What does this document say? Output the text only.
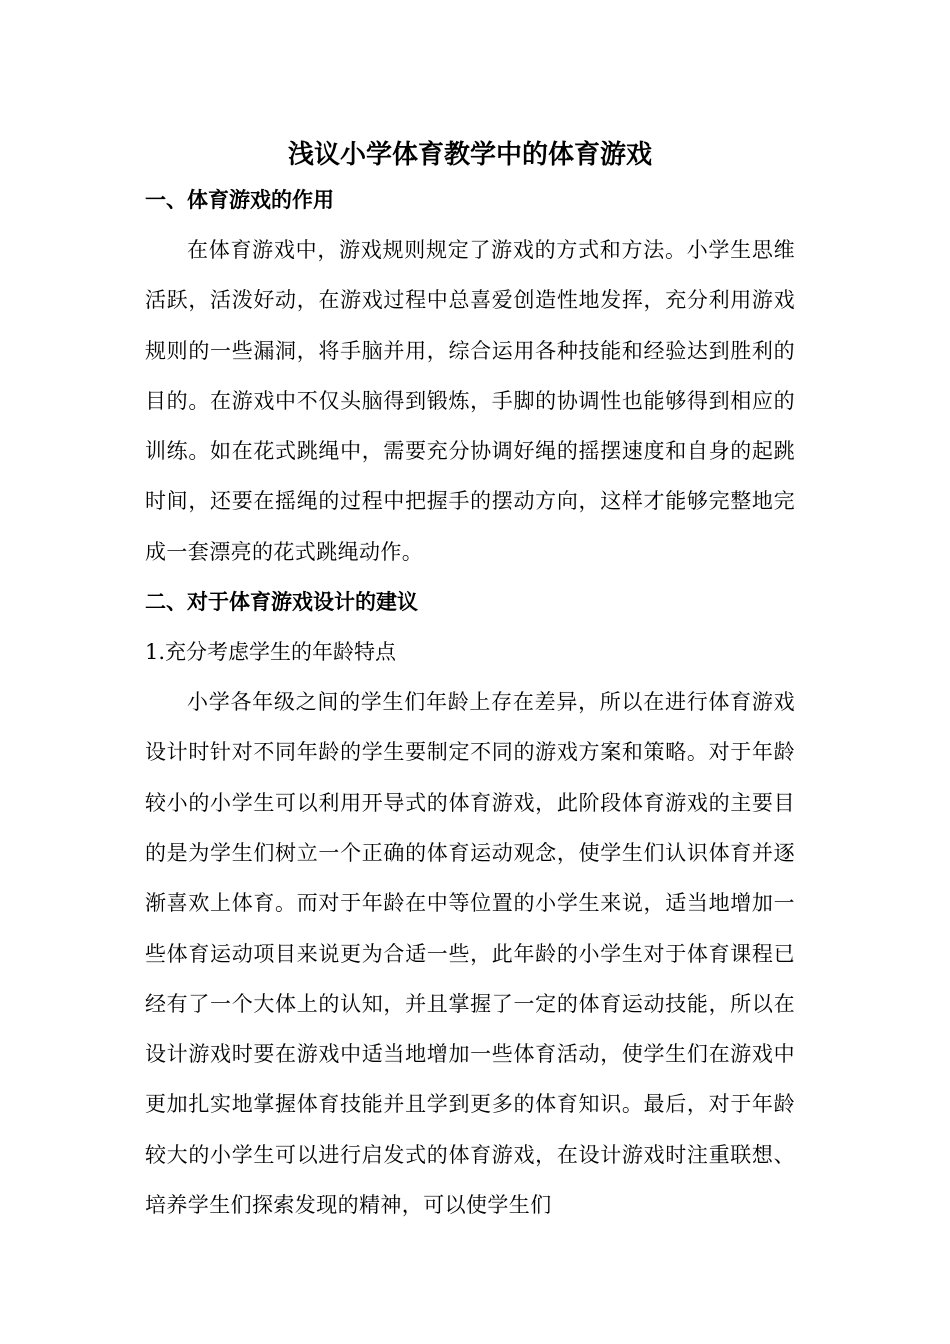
浅议小学体育教学中的体育游戏
一、体育游戏的作用

在体育游戏中，游戏规则规定了游戏的方式和方法。小学生思维活跃，活泼好动，在游戏过程中总喜爱创造性地发挥，充分利用游戏规则的一些漏洞，将手脑并用，综合运用各种技能和经验达到胜利的目的。在游戏中不仅头脑得到锻炼，手脚的协调性也能够得到相应的训练。如在花式跳绳中，需要充分协调好绳的摇摆速度和自身的起跳时间，还要在摇绳的过程中把握手的摆动方向，这样才能够完整地完成一套漂亮的花式跳绳动作。

二、对于体育游戏设计的建议
1.充分考虑学生的年龄特点

小学各年级之间的学生们年龄上存在差异，所以在进行体育游戏设计时针对不同年龄的学生要制定不同的游戏方案和策略。对于年龄较小的小学生可以利用开导式的体育游戏，此阶段体育游戏的主要目的是为学生们树立一个正确的体育运动观念，使学生们认识体育并逐渐喜欢上体育。而对于年龄在中等位置的小学生来说，适当地增加一些体育运动项目来说更为合适一些，此年龄的小学生对于体育课程已经有了一个大体上的认知，并且掌握了一定的体育运动技能，所以在设计游戏时要在游戏中适当地增加一些体育活动，使学生们在游戏中更加扎实地掌握体育技能并且学到更多的体育知识。最后，对于年龄较大的小学生可以进行启发式的体育游戏，在设计游戏时注重联想、培养学生们探索发现的精神，可以使学生们
